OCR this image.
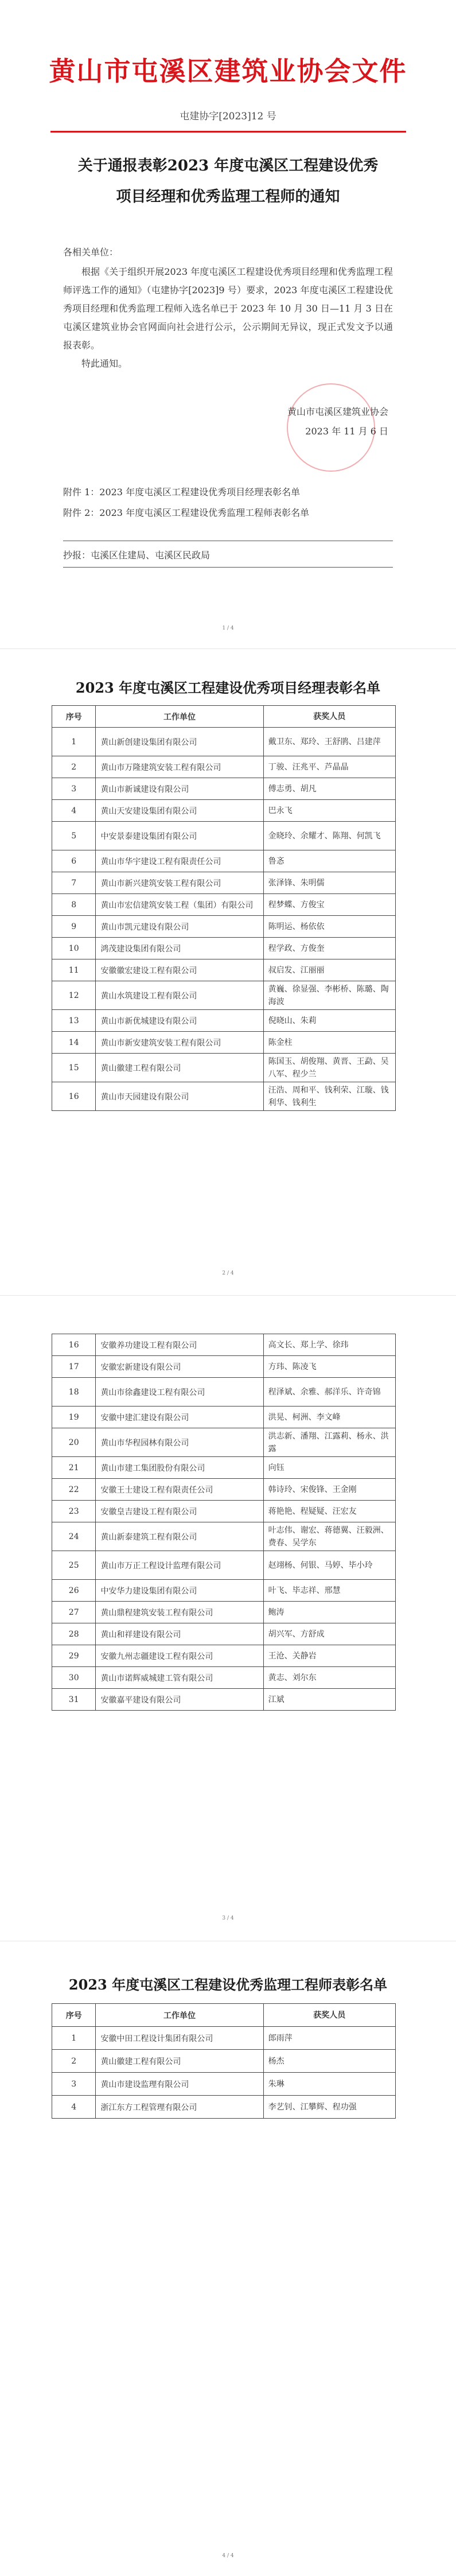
黄山市屯溪区建筑业协会文件
屯建协字[2023]12 号
关于通报表彰2023 年度屯溪区工程建设优秀
项目经理和优秀监理工程师的通知
各相关单位：
根据《关于组织开展2023 年度屯溪区工程建设优秀项目经理和优秀监理工程师评选工作的通知》（屯建协字[2023]9 号）要求，2023 年度屯溪区工程建设优秀项目经理和优秀监理工程师入选名单已于 2023 年 10 月 30 日—11 月 3 日在屯溪区建筑业协会官网面向社会进行公示，公示期间无异议，现正式发文予以通报表彰。
特此通知。
黄山市屯溪区建筑业协会
2023 年 11 月 6 日
附件 1：2023 年度屯溪区工程建设优秀项目经理表彰名单
附件 2：2023 年度屯溪区工程建设优秀监理工程师表彰名单
抄报：屯溪区住建局、屯溪区民政局
1 / 4
2023 年度屯溪区工程建设优秀项目经理表彰名单
序号	工作单位	获奖人员
1	黄山新创建设集团有限公司	戴卫东、郑玲、王舒鹃、吕建萍
2	黄山市万隆建筑安装工程有限公司	丁骏、汪兆平、芦晶晶
3	黄山市新诚建设有限公司	傅志勇、胡凡
4	黄山天安建设集团有限公司	巴永飞
5	中安景泰建设集团有限公司	金晓玲、余耀才、陈翔、何凯飞
6	黄山市华宇建设工程有限责任公司	鲁忞
7	黄山市新兴建筑安装工程有限公司	张泽锋、朱明儒
8	黄山市宏信建筑安装工程（集团）有限公司	程梦蝶、方俊宝
9	黄山市凯元建设有限公司	陈明运、杨依依
10	鸿茂建设集团有限公司	程学政、方俊奎
11	安徽徽宏建设工程有限公司	叔启发、江丽丽
12	黄山水筑建设工程有限公司	黄巍、徐显强、李彬桥、陈璐、陶海波
13	黄山市新优城建设有限公司	倪晓山、朱莉
14	黄山市新安建筑安装工程有限公司	陈金柱
15	黄山徽建工程有限公司	陈国玉、胡俊翔、黄晋、王勐、吴八军、程少兰
16	黄山市天园建设有限公司	汪浩、周和平、钱利荣、江璇、钱利华、钱利生
2 / 4
16	安徽养功建设工程有限公司	高文长、郑上学、徐玮
17	安徽宏新建设有限公司	方玮、陈凌飞
18	黄山市徐鑫建设工程有限公司	程泽斌、余雅、郝洋乐、许奇锦
19	安徽中建汇建设有限公司	洪晃、柯洲、李文峰
20	黄山市华程园林有限公司	洪志新、潘翔、江露莉、杨永、洪露
21	黄山市建工集团股份有限公司	向钰
22	安徽王士建设工程有限责任公司	韩诗玲、宋俊锋、王金刚
23	安徽皇吉建设工程有限公司	蒋艳艳、程疑疑、汪宏友
24	黄山新泰建筑工程有限公司	叶志伟、谢宏、蒋德翼、汪毅洲、费春、吴学东
25	黄山市万正工程设计监理有限公司	赵翊杨、何银、马婷、毕小玲
26	中安华力建设集团有限公司	叶飞、毕志祥、邢慧
27	黄山鼎程建筑安装工程有限公司	鲍涛
28	黄山和祥建设有限公司	胡兴军、方舒成
29	安徽九州志疆建设工程有限公司	王沧、关静岩
30	黄山市诺辉威城建工管有限公司	黄志、刘尔东
31	安徽嘉平建设有限公司	江斌
3 / 4
2023 年度屯溪区工程建设优秀监理工程师表彰名单
序号	工作单位	获奖人员
1	安徽中田工程设计集团有限公司	郎雨萍
2	黄山徽建工程有限公司	杨杰
3	黄山市建设监理有限公司	朱琳
4	浙江东方工程管理有限公司	李艺钊、江攀辉、程功强
4 / 4
